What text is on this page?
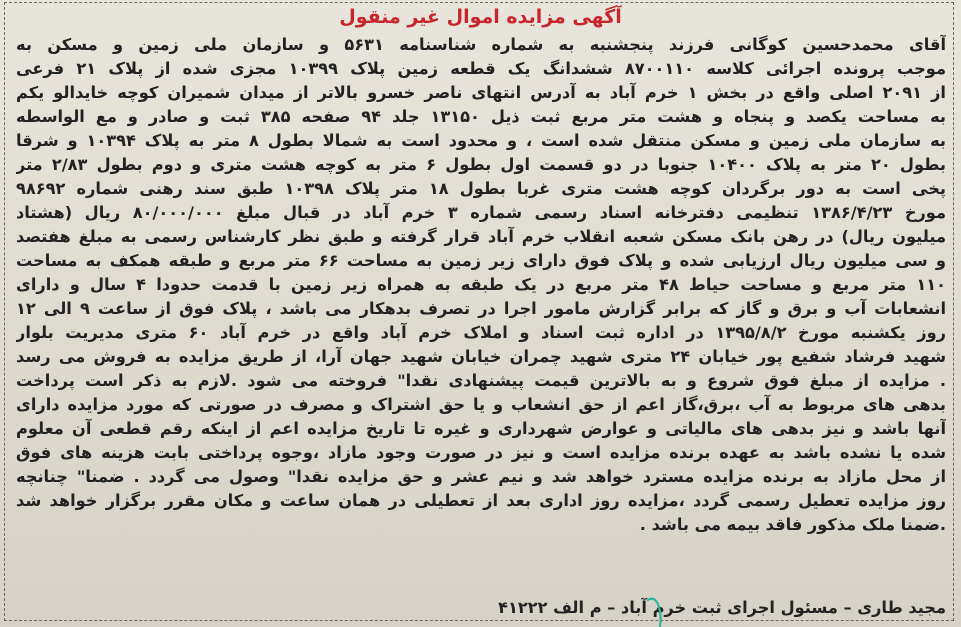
آگهی مزایده اموال غیر منقول
آقای محمدحسین کوگانی فرزند پنجشنبه به شماره شناسنامه ۵۶۳۱ و سازمان ملی زمین و مسکن به
موجب پرونده اجرائی کلاسه ۸۷۰۰۱۱۰ ششدانگ یک قطعه زمین پلاک ۱۰۳۹۹ مجزی شده از پلاک ۲۱ فرعی
از ۲۰۹۱ اصلی واقع در بخش ۱ خرم آباد به آدرس انتهای ناصر خسرو بالاتر از میدان شمیران کوچه خایدالو یکم
به مساحت یکصد و پنجاه و هشت متر مربع ثبت ذیل ۱۳۱۵۰ جلد ۹۴ صفحه ۳۸۵ ثبت و صادر و مع الواسطه
به سازمان ملی زمین و مسکن منتقل شده است ، و محدود است به شمالا بطول ۸ متر به پلاک ۱۰۳۹۴ و شرقا
بطول ۲۰ متر به پلاک ۱۰۴۰۰ جنوبا در دو قسمت اول بطول ۶ متر به کوچه هشت متری و دوم بطول ۲/۸۳ متر
پخی است به دور برگردان کوچه هشت متری غربا بطول ۱۸ متر پلاک ۱۰۳۹۸ طبق سند رهنی شماره ۹۸۶۹۲
مورخ ۱۳۸۶/۴/۲۳ تنظیمی دفترخانه اسناد رسمی شماره ۳ خرم آباد در قبال مبلغ ۸۰/۰۰۰/۰۰۰ ریال (هشتاد
میلیون ریال) در رهن بانک مسکن شعبه انقلاب خرم آباد قرار گرفته و طبق نظر کارشناس رسمی به مبلغ هفتصد
و سی میلیون ریال ارزیابی شده و پلاک فوق دارای زیر زمین به مساحت ۶۶ متر مربع و طبقه همکف به مساحت
۱۱۰ متر مربع و مساحت حیاط ۴۸ متر مربع در یک طبقه به همراه زیر زمین با قدمت حدودا ۴ سال و دارای
انشعابات آب و برق و گاز که برابر گزارش مامور اجرا در تصرف بدهکار می باشد ، پلاک فوق از ساعت ۹ الی ۱۲
روز یکشنبه مورخ ۱۳۹۵/۸/۲ در اداره ثبت اسناد و املاک خرم آباد واقع در خرم آباد ۶۰ متری مدیریت بلوار
شهید فرشاد شفیع پور خیابان ۲۴ متری شهید چمران خیابان شهید جهان آرا، از طریق مزایده به فروش می رسد
. مزایده از مبلغ فوق شروع و به بالاترین قیمت پیشنهادی نقدا" فروخته می شود .لازم به ذکر است پرداخت
بدهی های مربوط به آب ،برق،گاز اعم از حق انشعاب و یا حق اشتراک و مصرف در صورتی که مورد مزایده دارای
آنها باشد و نیز بدهی های مالیاتی و عوارض شهرداری و غیره تا تاریخ مزایده اعم از اینکه رقم قطعی آن معلوم
شده یا نشده باشد به عهده برنده مزایده است و نیز در صورت وجود مازاد ،وجوه پرداختی بابت هزینه های فوق
از محل مازاد به برنده مزایده مسترد خواهد شد و نیم عشر و حق مزایده نقدا" وصول می گردد . ضمنا" چنانچه
روز مزایده تعطیل رسمی گردد ،مزایده روز اداری بعد از تعطیلی در همان ساعت و مکان مقرر برگزار خواهد شد
.ضمنا ملک مذکور فاقد بیمه می باشد .
مجید طاری – مسئول اجرای ثبت خرم آباد – م الف ۴۱۲۲۲
